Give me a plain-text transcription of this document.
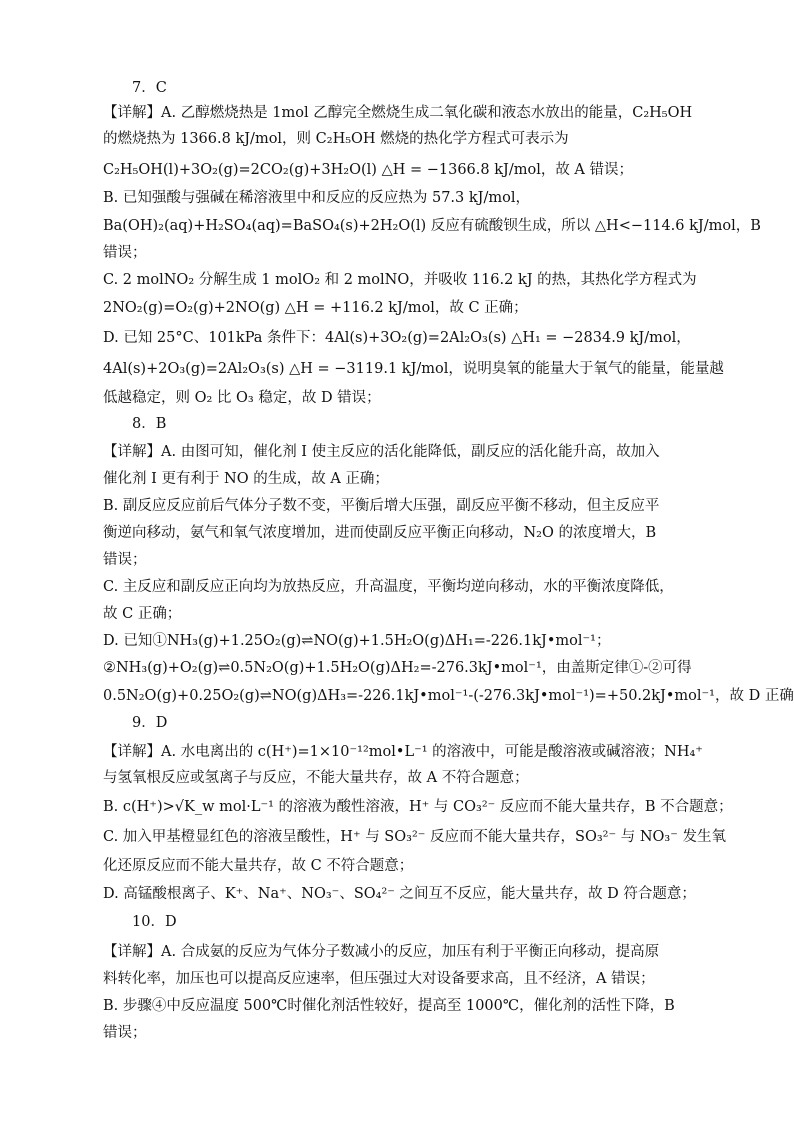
7．C
【详解】A. 乙醇燃烧热是 1mol 乙醇完全燃烧生成二氧化碳和液态水放出的能量，C₂H₅OH
的燃烧热为 1366.8 kJ/mol，则 C₂H₅OH 燃烧的热化学方程式可表示为
C₂H₅OH(l)+3O₂(g)=2CO₂(g)+3H₂O(l) △H = −1366.8 kJ/mol，故 A 错误；
B. 已知强酸与强碱在稀溶液里中和反应的反应热为 57.3 kJ/mol，
Ba(OH)₂(aq)+H₂SO₄(aq)=BaSO₄(s)+2H₂O(l) 反应有硫酸钡生成，所以 △H<−114.6 kJ/mol，B
错误；
C. 2 molNO₂ 分解生成 1 molO₂ 和 2 molNO，并吸收 116.2 kJ 的热，其热化学方程式为
2NO₂(g)=O₂(g)+2NO(g) △H = +116.2 kJ/mol，故 C 正确；
D. 已知 25°C、101kPa 条件下：4Al(s)+3O₂(g)=2Al₂O₃(s) △H₁ = −2834.9 kJ/mol，
4Al(s)+2O₃(g)=2Al₂O₃(s) △H = −3119.1 kJ/mol，说明臭氧的能量大于氧气的能量，能量越
低越稳定，则 O₂ 比 O₃ 稳定，故 D 错误；
8．B
【详解】A. 由图可知，催化剂 I 使主反应的活化能降低，副反应的活化能升高，故加入
催化剂 I 更有利于 NO 的生成，故 A 正确；
B. 副反应反应前后气体分子数不变，平衡后增大压强，副反应平衡不移动，但主反应平
衡逆向移动，氨气和氧气浓度增加，进而使副反应平衡正向移动，N₂O 的浓度增大，B
错误；
C. 主反应和副反应正向均为放热反应，升高温度，平衡均逆向移动，水的平衡浓度降低，
故 C 正确；
D. 已知①NH₃(g)+1.25O₂(g)⇌NO(g)+1.5H₂O(g)ΔH₁=-226.1kJ•mol⁻¹；
②NH₃(g)+O₂(g)⇌0.5N₂O(g)+1.5H₂O(g)ΔH₂=-276.3kJ•mol⁻¹，由盖斯定律①-②可得
0.5N₂O(g)+0.25O₂(g)⇌NO(g)ΔH₃=-226.1kJ•mol⁻¹-(-276.3kJ•mol⁻¹)=+50.2kJ•mol⁻¹，故 D 正确
9．D
【详解】A. 水电离出的 c(H⁺)=1×10⁻¹²mol•L⁻¹ 的溶液中，可能是酸溶液或碱溶液；NH₄⁺
与氢氧根反应或氢离子与反应，不能大量共存，故 A 不符合题意；
B. c(H⁺)>√K_w mol·L⁻¹ 的溶液为酸性溶液，H⁺ 与 CO₃²⁻ 反应而不能大量共存，B 不合题意；
C. 加入甲基橙显红色的溶液呈酸性，H⁺ 与 SO₃²⁻ 反应而不能大量共存，SO₃²⁻ 与 NO₃⁻ 发生氧
化还原反应而不能大量共存，故 C 不符合题意；
D. 高锰酸根离子、K⁺、Na⁺、NO₃⁻、SO₄²⁻ 之间互不反应，能大量共存，故 D 符合题意；
10．D
【详解】A. 合成氨的反应为气体分子数减小的反应，加压有利于平衡正向移动，提高原
料转化率，加压也可以提高反应速率，但压强过大对设备要求高，且不经济，A 错误；
B. 步骤④中反应温度 500℃时催化剂活性较好，提高至 1000℃，催化剂的活性下降，B
错误；
